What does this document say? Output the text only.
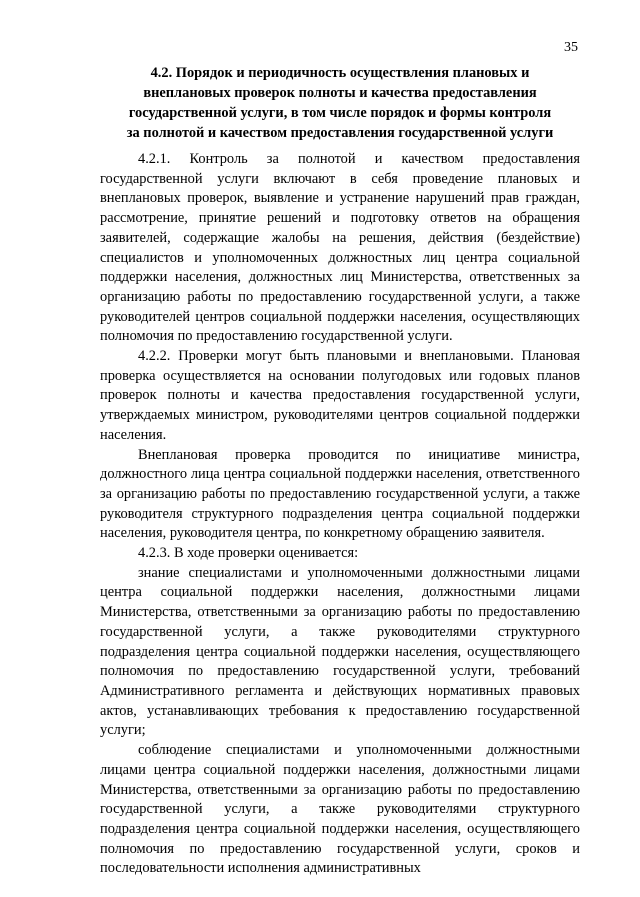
35
4.2. Порядок и периодичность осуществления плановых и
внеплановых проверок полноты и качества предоставления
государственной услуги, в том числе порядок и формы контроля
за полнотой и качеством предоставления государственной услуги

4.2.1. Контроль за полнотой и качеством предоставления государственной услуги включают в себя проведение плановых и внеплановых проверок, выявление и устранение нарушений прав граждан, рассмотрение, принятие решений и подготовку ответов на обращения заявителей, содержащие жалобы на решения, действия (бездействие) специалистов и уполномоченных должностных лиц центра социальной поддержки населения, должностных лиц Министерства, ответственных за организацию работы по предоставлению государственной услуги, а также руководителей центров социальной поддержки населения, осуществляющих полномочия по предоставлению государственной услуги.

4.2.2. Проверки могут быть плановыми и внеплановыми. Плановая проверка осуществляется на основании полугодовых или годовых планов проверок полноты и качества предоставления государственной услуги, утверждаемых министром, руководителями центров социальной поддержки населения.

Внеплановая проверка проводится по инициативе министра, должностного лица центра социальной поддержки населения, ответственного за организацию работы по предоставлению государственной услуги, а также руководителя структурного подразделения центра социальной поддержки населения, руководителя центра, по конкретному обращению заявителя.

4.2.3. В ходе проверки оценивается:

знание специалистами и уполномоченными должностными лицами центра социальной поддержки населения, должностными лицами Министерства, ответственными за организацию работы по предоставлению государственной услуги, а также руководителями структурного подразделения центра социальной поддержки населения, осуществляющего полномочия по предоставлению государственной услуги, требований Административного регламента и действующих нормативных правовых актов, устанавливающих требования к предоставлению государственной услуги;

соблюдение специалистами и уполномоченными должностными лицами центра социальной поддержки населения, должностными лицами Министерства, ответственными за организацию работы по предоставлению государственной услуги, а также руководителями структурного подразделения центра социальной поддержки населения, осуществляющего полномочия по предоставлению государственной услуги, сроков и последовательности исполнения административных
